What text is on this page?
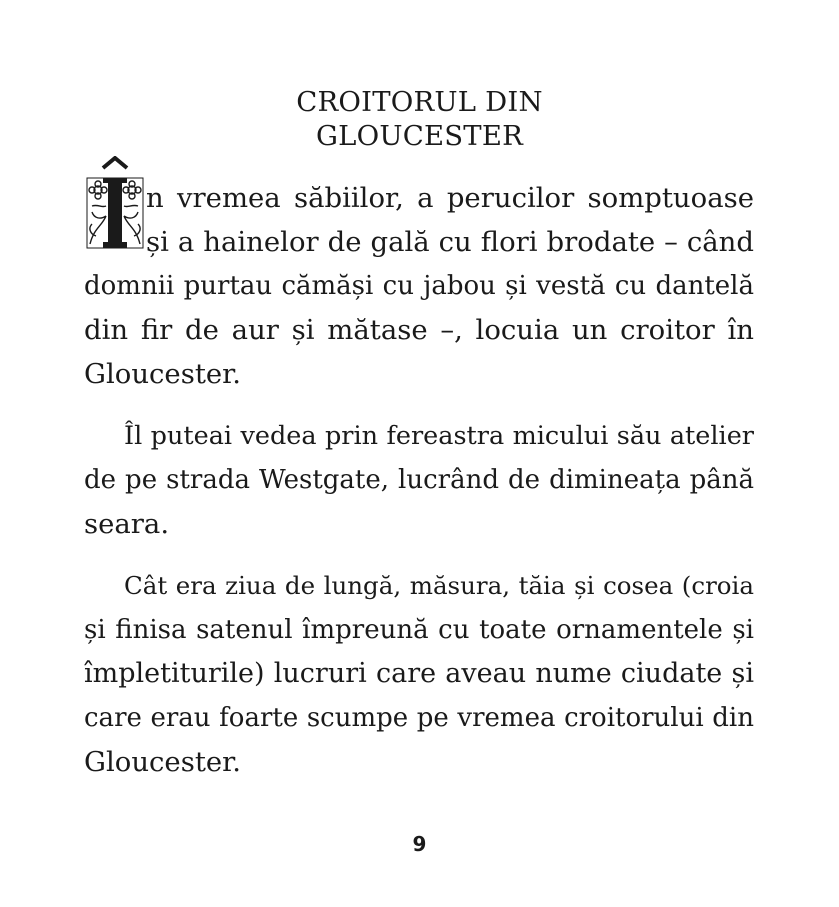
CROITORUL DIN
GLOUCESTER
n vremea săbiilor, a perucilor somptuoase
și a hainelor de gală cu flori brodate – când
domnii purtau cămăși cu jabou și vestă cu dantelă
din fir de aur și mătase –, locuia un croitor în
Gloucester.
Îl puteai vedea prin fereastra micului său atelier
de pe strada Westgate, lucrând de dimineața până
seara.
Cât era ziua de lungă, măsura, tăia și cosea (croia
și finisa satenul împreună cu toate ornamentele și
împletiturile) lucruri care aveau nume ciudate și
care erau foarte scumpe pe vremea croitorului din
Gloucester.
9
